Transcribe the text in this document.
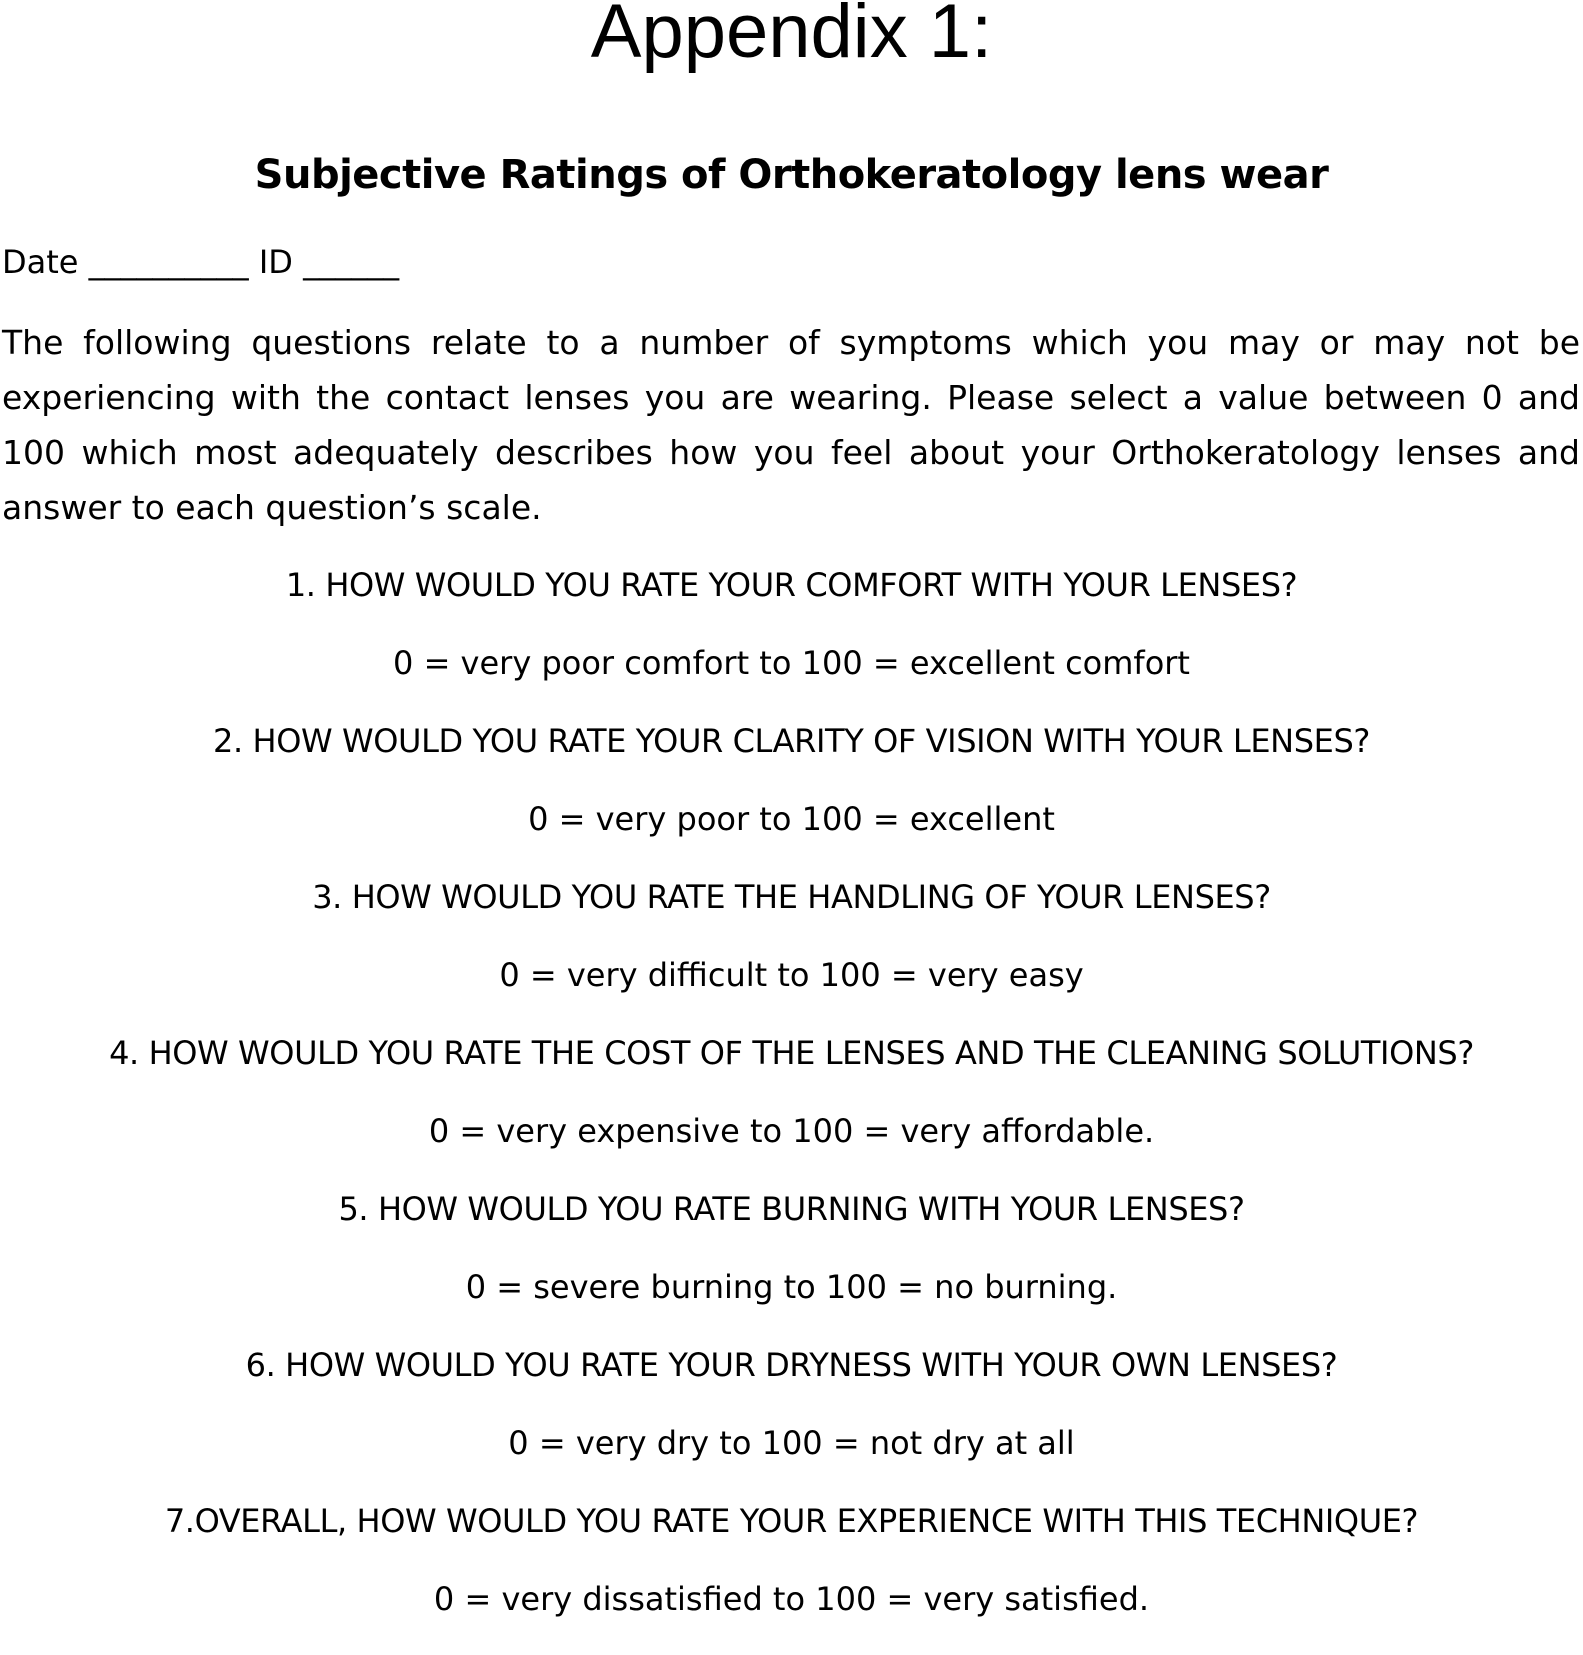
Appendix 1:
Subjective Ratings of Orthokeratology lens wear
Date __________ ID ______

The following questions relate to a number of symptoms which you may or may not be experiencing with the contact lenses you are wearing. Please select a value between 0 and 100 which most adequately describes how you feel about your Orthokeratology lenses and answer to each question’s scale.

1. HOW WOULD YOU RATE YOUR COMFORT WITH YOUR LENSES?
0 = very poor comfort to 100 = excellent comfort
2. HOW WOULD YOU RATE YOUR CLARITY OF VISION WITH YOUR LENSES?
0 = very poor to 100 = excellent
3. HOW WOULD YOU RATE THE HANDLING OF YOUR LENSES?
0 = very difficult to 100 = very easy
4. HOW WOULD YOU RATE THE COST OF THE LENSES AND THE CLEANING SOLUTIONS?
0 = very expensive to 100 = very affordable.
5. HOW WOULD YOU RATE BURNING WITH YOUR LENSES?
0 = severe burning to 100 = no burning.
6. HOW WOULD YOU RATE YOUR DRYNESS WITH YOUR OWN LENSES?
0 = very dry to 100 = not dry at all
7.OVERALL, HOW WOULD YOU RATE YOUR EXPERIENCE WITH THIS TECHNIQUE?
0 = very dissatisfied to 100 = very satisfied.
